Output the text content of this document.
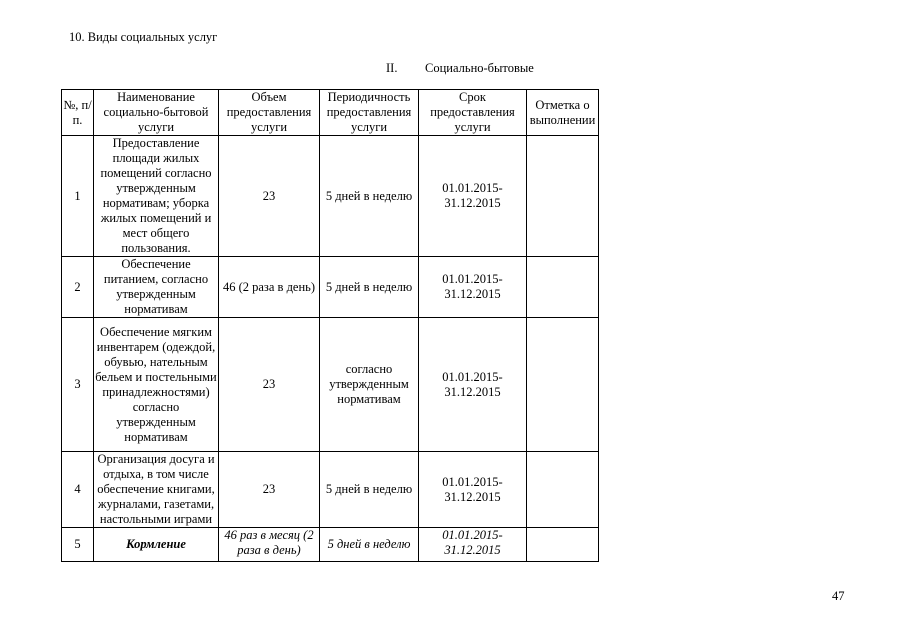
10. Виды социальных услуг
II. Социально-бытовые
№, п/п.	Наименование социально-бытовой услуги	Объем предоставления услуги	Периодичность предоставления услуги	Срок предоставления услуги	Отметка о выполнении
1	Предоставление площади жилых помещений согласно утвержденным нормативам; уборка жилых помещений и мест общего пользования.	23	5 дней в неделю	01.01.2015-31.12.2015	
2	Обеспечение питанием, согласно утвержденным нормативам	46 (2 раза в день)	5 дней в неделю	01.01.2015-31.12.2015	
3	Обеспечение мягким инвентарем (одеждой, обувью, нательным бельем и постельными принадлежностями) согласно утвержденным нормативам	23	согласно утвержденным нормативам	01.01.2015-31.12.2015	
4	Организация досуга и отдыха, в том числе обеспечение книгами, журналами, газетами, настольными играми	23	5 дней в неделю	01.01.2015-31.12.2015	
5	Кормление	46 раз в месяц (2 раза в день)	5 дней в неделю	01.01.2015-31.12.2015	
47
